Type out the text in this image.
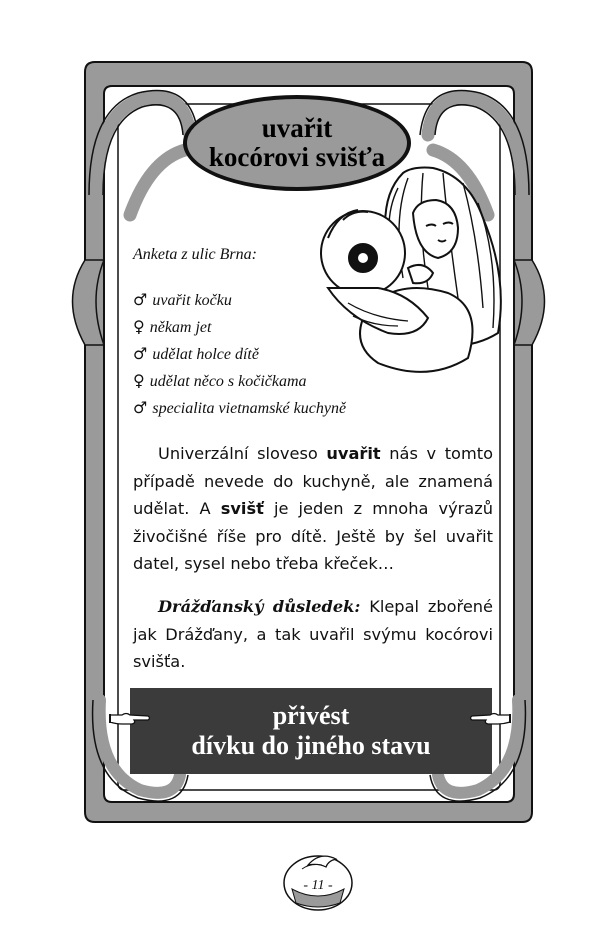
uvařit
kocórovi svišťa
Anketa z ulic Brna:
♂ uvařit kočku
♀ někam jet
♂ udělat holce dítě
♀ udělat něco s kočičkama
♂ specialita vietnamské kuchyně

Univerzální sloveso uvařit nás v tomto případě nevede do kuchyně, ale znamená udělat. A svišť je jeden z mnoha výrazů živočišné říše pro dítě. Ještě by šel uvařit datel, sysel nebo třeba křeček…

Drážďanský důsledek: Klepal zbořené jak Drážďany, a tak uvařil svýmu kocórovi svišťa.

přivést
dívku do jiného stavu
- 11 -
